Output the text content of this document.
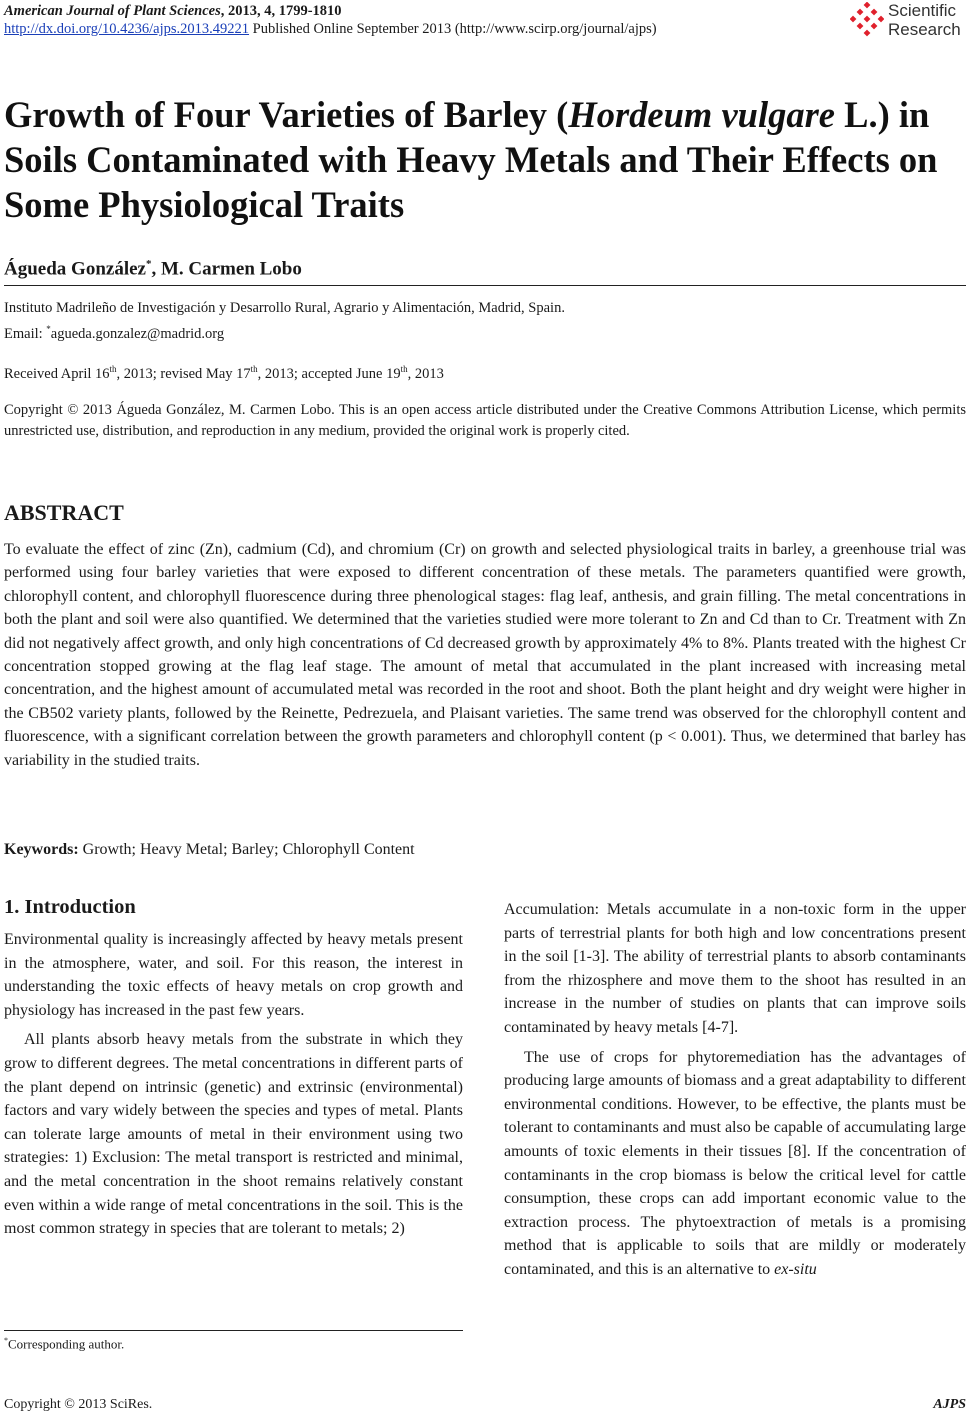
American Journal of Plant Sciences, 2013, 4, 1799-1810
http://dx.doi.org/10.4236/ajps.2013.49221 Published Online September 2013 (http://www.scirp.org/journal/ajps)
Scientific
Research
Growth of Four Varieties of Barley (Hordeum vulgare L.) in Soils Contaminated with Heavy Metals and Their Effects on Some Physiological Traits
Águeda González*, M. Carmen Lobo
Instituto Madrileño de Investigación y Desarrollo Rural, Agrario y Alimentación, Madrid, Spain.
Email: *agueda.gonzalez@madrid.org
Received April 16th, 2013; revised May 17th, 2013; accepted June 19th, 2013

Copyright © 2013 Águeda González, M. Carmen Lobo. This is an open access article distributed under the Creative Commons Attribution License, which permits unrestricted use, distribution, and reproduction in any medium, provided the original work is properly cited.

ABSTRACT

To evaluate the effect of zinc (Zn), cadmium (Cd), and chromium (Cr) on growth and selected physiological traits in barley, a greenhouse trial was performed using four barley varieties that were exposed to different concentration of these metals. The parameters quantified were growth, chlorophyll content, and chlorophyll fluorescence during three phenological stages: flag leaf, anthesis, and grain filling. The metal concentrations in both the plant and soil were also quantified. We determined that the varieties studied were more tolerant to Zn and Cd than to Cr. Treatment with Zn did not negatively affect growth, and only high concentrations of Cd decreased growth by approximately 4% to 8%. Plants treated with the highest Cr concentration stopped growing at the flag leaf stage. The amount of metal that accumulated in the plant increased with increasing metal concentration, and the highest amount of accumulated metal was recorded in the root and shoot. Both the plant height and dry weight were higher in the CB502 variety plants, followed by the Reinette, Pedrezuela, and Plaisant varieties. The same trend was observed for the chlorophyll content and fluorescence, with a significant correlation between the growth parameters and chlorophyll content (p < 0.001). Thus, we determined that barley has variability in the studied traits.

Keywords: Growth; Heavy Metal; Barley; Chlorophyll Content

1. Introduction

Environmental quality is increasingly affected by heavy metals present in the atmosphere, water, and soil. For this reason, the interest in understanding the toxic effects of heavy metals on crop growth and physiology has increased in the past few years.

All plants absorb heavy metals from the substrate in which they grow to different degrees. The metal concentrations in different parts of the plant depend on intrinsic (genetic) and extrinsic (environmental) factors and vary widely between the species and types of metal. Plants can tolerate large amounts of metal in their environment using two strategies: 1) Exclusion: The metal transport is restricted and minimal, and the metal concentration in the shoot remains relatively constant even within a wide range of metal concentrations in the soil. This is the most common strategy in species that are tolerant to metals; 2)

Accumulation: Metals accumulate in a non-toxic form in the upper parts of terrestrial plants for both high and low concentrations present in the soil [1-3]. The ability of terrestrial plants to absorb contaminants from the rhizosphere and move them to the shoot has resulted in an increase in the number of studies on plants that can improve soils contaminated by heavy metals [4-7].

The use of crops for phytoremediation has the advantages of producing large amounts of biomass and a great adaptability to different environmental conditions. However, to be effective, the plants must be tolerant to contaminants and must also be capable of accumulating large amounts of toxic elements in their tissues [8]. If the concentration of contaminants in the crop biomass is below the critical level for cattle consumption, these crops can add important economic value to the extraction process. The phytoextraction of metals is a promising method that is applicable to soils that are mildly or moderately contaminated, and this is an alternative to ex-situ

*Corresponding author.
Copyright © 2013 SciRes.	AJPS
